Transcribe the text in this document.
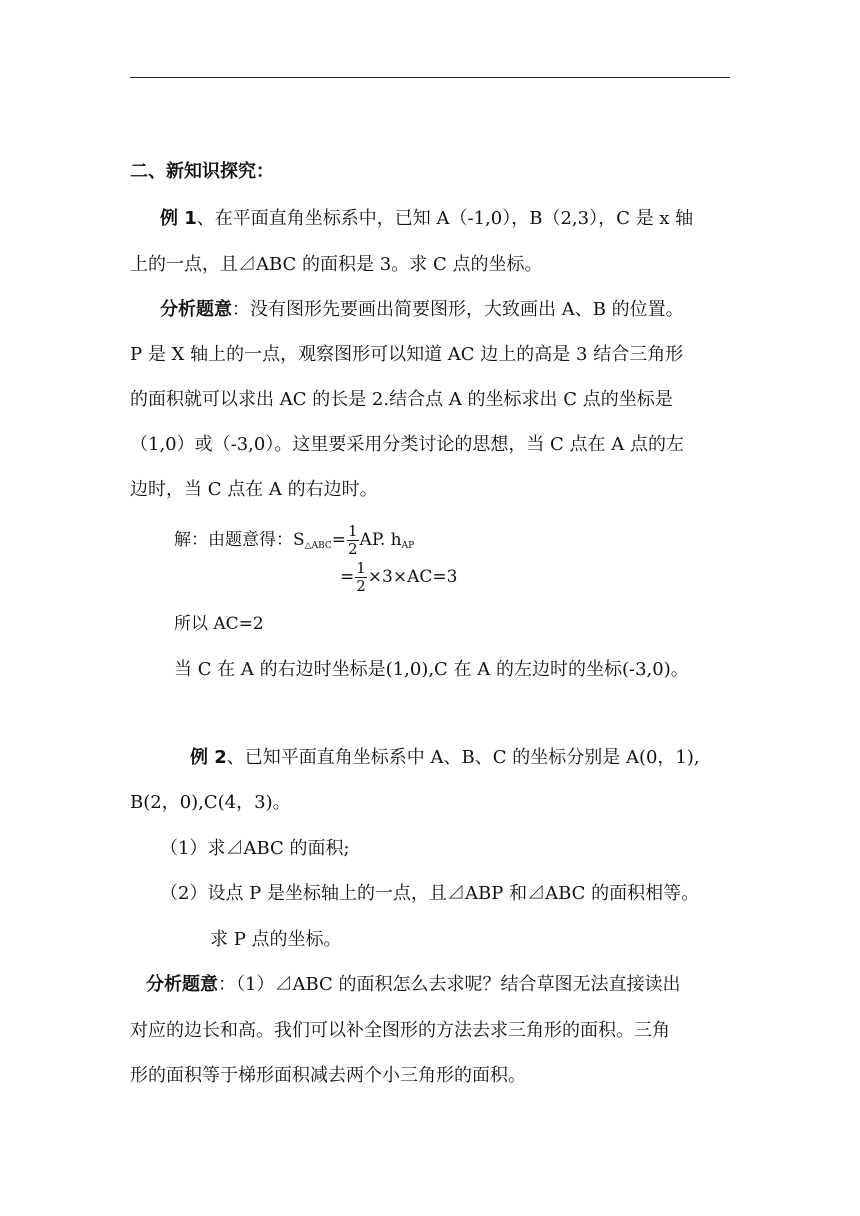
二、新知识探究：
例 1、在平面直角坐标系中，已知 A（-1,0），B（2,3），C 是 x 轴
上的一点，且⊿ABC 的面积是 3。求 C 点的坐标。
分析题意：没有图形先要画出简要图形，大致画出 A、B 的位置。
P 是 X 轴上的一点，观察图形可以知道 AC 边上的高是 3 结合三角形
的面积就可以求出 AC 的长是 2.结合点 A 的坐标求出 C 点的坐标是
（1,0）或（-3,0）。这里要采用分类讨论的思想，当 C 点在 A 点的左
边时，当 C 点在 A 的右边时。
解：由题意得：$S_{\triangle ABC}= \frac{1}{2}$ AP. $h_{AP}$
= $\frac{1}{2} \times 3\times AC=3$
所以 AC=2
当 C 在 A 的右边时坐标是(1,0),C 在 A 的左边时的坐标(-3,0)。
例 2、已知平面直角坐标系中 A、B、C 的坐标分别是 A(0，1),
B(2，0),C(4，3)。
（1）求⊿ABC 的面积;
（2）设点 P 是坐标轴上的一点，且⊿ABP 和⊿ABC 的面积相等。
求 P 点的坐标。
分析题意：（1）⊿ABC 的面积怎么去求呢？结合草图无法直接读出
对应的边长和高。我们可以补全图形的方法去求三角形的面积。三角
形的面积等于梯形面积减去两个小三角形的面积。
